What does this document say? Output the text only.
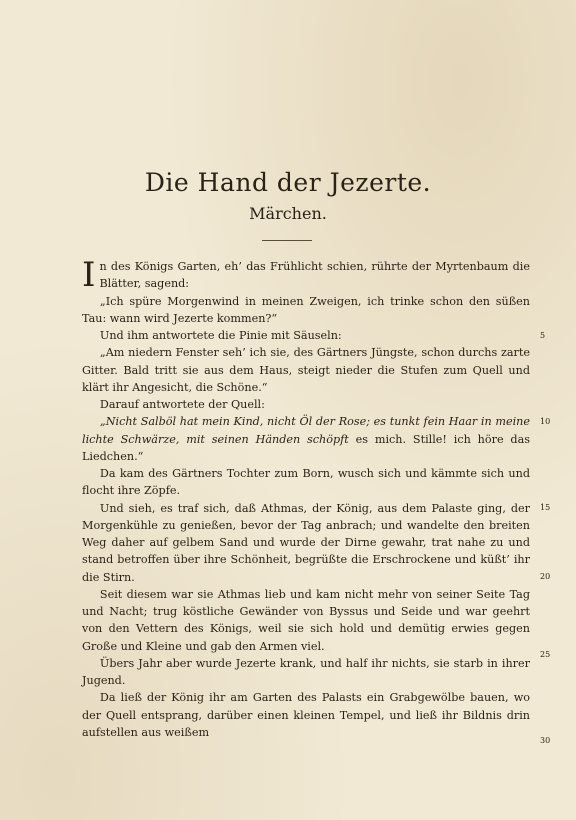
Die Hand der Jezerte.
Märchen.

In des Königs Garten, eh’ das Frühlicht schien, rührte der Myrtenbaum die Blätter, sagend:

„Ich spüre Morgenwind in meinen Zweigen, ich trinke schon den süßen Tau: wann wird Jezerte kommen?“

Und ihm antwortete die Pinie mit Säuseln:

„Am niedern Fenster seh’ ich sie, des Gärtners Jüngste, schon durchs zarte Gitter. Bald tritt sie aus dem Haus, steigt nieder die Stufen zum Quell und klärt ihr Angesicht, die Schöne.“

Darauf antwortete der Quell:

„Nicht Salböl hat mein Kind, nicht Öl der Rose; es tunkt fein Haar in meine lichte Schwärze, mit seinen Händen schöpft es mich. Stille! ich höre das Liedchen.“

Da kam des Gärtners Tochter zum Born, wusch sich und kämmte sich und flocht ihre Zöpfe.

Und sieh, es traf sich, daß Athmas, der König, aus dem Palaste ging, der Morgenkühle zu genießen, bevor der Tag anbrach; und wandelte den breiten Weg daher auf gelbem Sand und wurde der Dirne gewahr, trat nahe zu und stand betroffen über ihre Schönheit, begrüßte die Erschrockene und küßt’ ihr die Stirn.

Seit diesem war sie Athmas lieb und kam nicht mehr von seiner Seite Tag und Nacht; trug köstliche Gewänder von Byssus und Seide und war geehrt von den Vettern des Königs, weil sie sich hold und demütig erwies gegen Große und Kleine und gab den Armen viel.

Übers Jahr aber wurde Jezerte krank, und half ihr nichts, sie starb in ihrer Jugend.

Da ließ der König ihr am Garten des Palasts ein Grabgewölbe bauen, wo der Quell entsprang, darüber einen kleinen Tempel, und ließ ihr Bildnis drin aufstellen aus weißem

5
10
15
20
25
30
